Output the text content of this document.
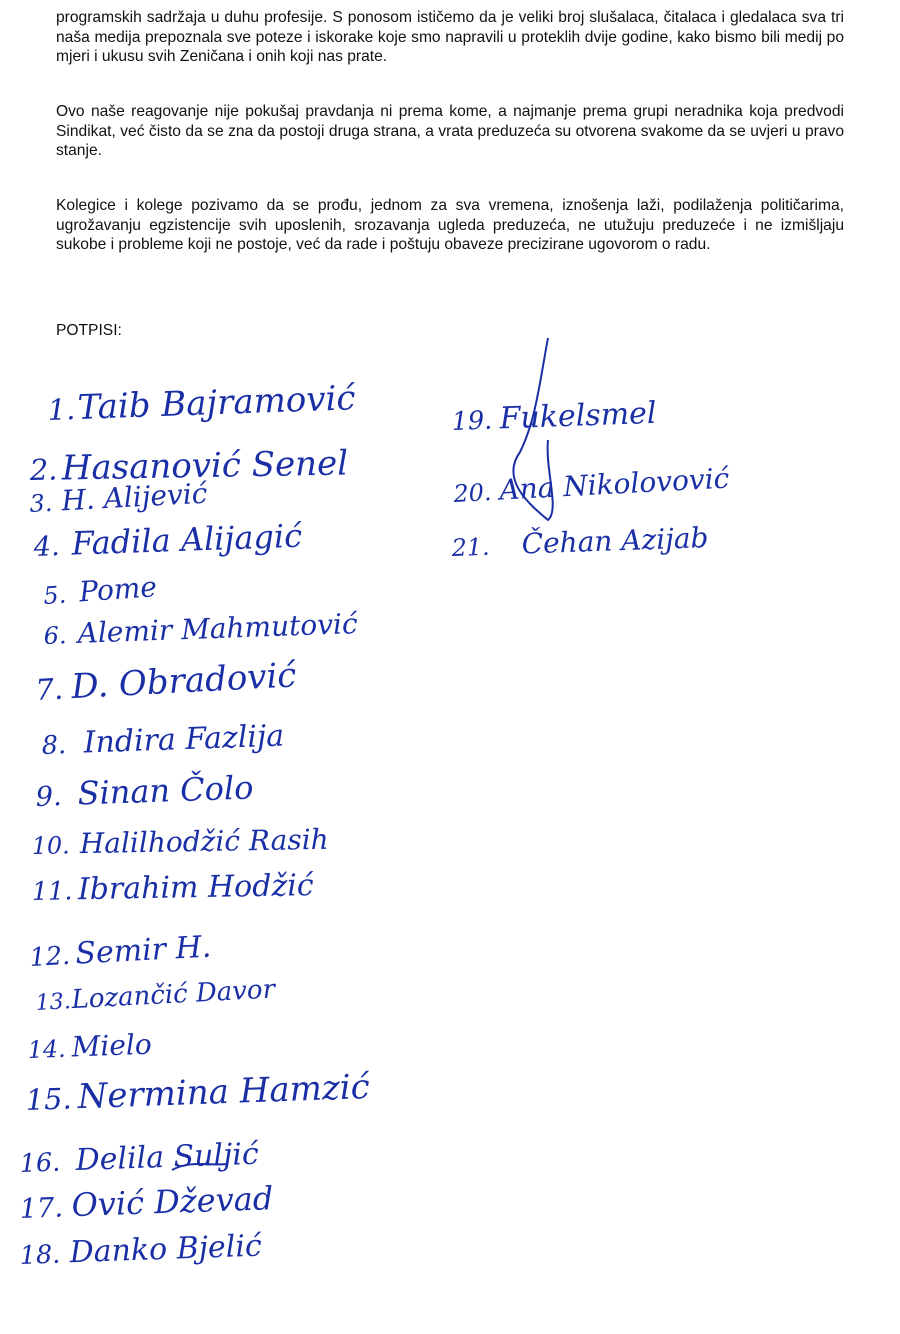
programskih sadržaja u duhu profesije. S ponosom ističemo da je veliki broj slušalaca, čitalaca i gledalaca sva tri naša medija prepoznala sve poteze i iskorake koje smo napravili u proteklih dvije godine, kako bismo bili medij po mjeri i ukusu svih Zeničana i onih koji nas prate.

Ovo naše reagovanje nije pokušaj pravdanja ni prema kome, a najmanje prema grupi neradnika koja predvodi Sindikat, već čisto da se zna da postoji druga strana, a vrata preduzeća su otvorena svakome da se uvjeri u pravo stanje.

Kolegice i kolege pozivamo da se prođu, jednom za sva vremena, iznošenja laži, podilaženja političarima, ugrožavanju egzistencije svih uposlenih, srozavanja ugleda preduzeća, ne utužuju preduzeće i ne izmišljaju sukobe i probleme koji ne postoje, već da rade i poštuju obaveze precizirane ugovorom o radu.

POTPISI:

1. Taib Bajramović
2. Hasanović Senel
3. H. Alijević
4. Fadila Alijagić
5. Pome
6. Alemir Mahmutović
7. D. Obradović
8. Indira Fazlija
9. Sinan Čolo
10. Halilhodžić Rasih
11. Ibrahim Hodžić
12. Semir H.
13. Lozančić Davor
14. Mielo
15. Nermina Hamzić
16. Delila Suljić
17. Ović Dževad
18. Danko Bjelić
19. Fukelsmel
20. Ana Nikolovović
21. Čehan Azijab
